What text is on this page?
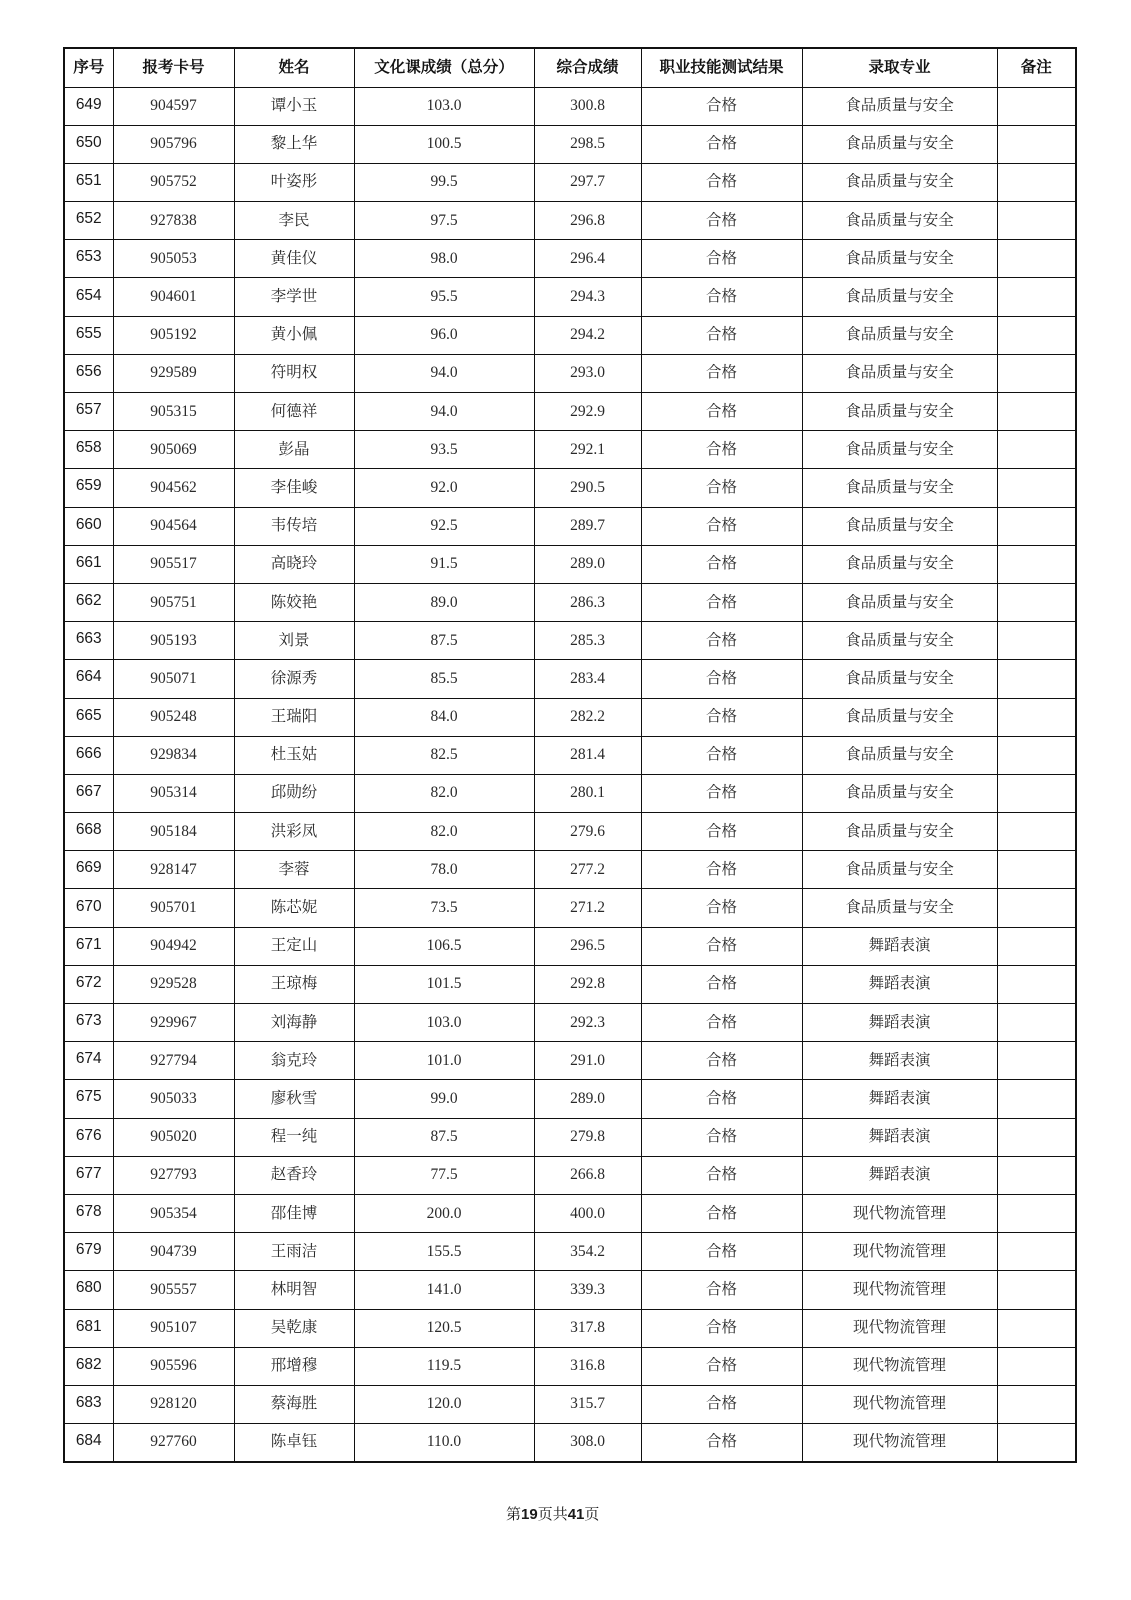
序号	报考卡号	姓名	文化课成绩（总分）	综合成绩	职业技能测试结果	录取专业	备注
649	904597	谭小玉	103.0	300.8	合格	食品质量与安全	
650	905796	黎上华	100.5	298.5	合格	食品质量与安全	
651	905752	叶姿彤	99.5	297.7	合格	食品质量与安全	
652	927838	李民	97.5	296.8	合格	食品质量与安全	
653	905053	黄佳仪	98.0	296.4	合格	食品质量与安全	
654	904601	李学世	95.5	294.3	合格	食品质量与安全	
655	905192	黄小佩	96.0	294.2	合格	食品质量与安全	
656	929589	符明权	94.0	293.0	合格	食品质量与安全	
657	905315	何德祥	94.0	292.9	合格	食品质量与安全	
658	905069	彭晶	93.5	292.1	合格	食品质量与安全	
659	904562	李佳峻	92.0	290.5	合格	食品质量与安全	
660	904564	韦传培	92.5	289.7	合格	食品质量与安全	
661	905517	高晓玲	91.5	289.0	合格	食品质量与安全	
662	905751	陈姣艳	89.0	286.3	合格	食品质量与安全	
663	905193	刘景	87.5	285.3	合格	食品质量与安全	
664	905071	徐源秀	85.5	283.4	合格	食品质量与安全	
665	905248	王瑞阳	84.0	282.2	合格	食品质量与安全	
666	929834	杜玉姑	82.5	281.4	合格	食品质量与安全	
667	905314	邱勋纷	82.0	280.1	合格	食品质量与安全	
668	905184	洪彩凤	82.0	279.6	合格	食品质量与安全	
669	928147	李蓉	78.0	277.2	合格	食品质量与安全	
670	905701	陈芯妮	73.5	271.2	合格	食品质量与安全	
671	904942	王定山	106.5	296.5	合格	舞蹈表演	
672	929528	王琼梅	101.5	292.8	合格	舞蹈表演	
673	929967	刘海静	103.0	292.3	合格	舞蹈表演	
674	927794	翁克玲	101.0	291.0	合格	舞蹈表演	
675	905033	廖秋雪	99.0	289.0	合格	舞蹈表演	
676	905020	程一纯	87.5	279.8	合格	舞蹈表演	
677	927793	赵香玲	77.5	266.8	合格	舞蹈表演	
678	905354	邵佳博	200.0	400.0	合格	现代物流管理	
679	904739	王雨洁	155.5	354.2	合格	现代物流管理	
680	905557	林明智	141.0	339.3	合格	现代物流管理	
681	905107	吴乾康	120.5	317.8	合格	现代物流管理	
682	905596	邢增穆	119.5	316.8	合格	现代物流管理	
683	928120	蔡海胜	120.0	315.7	合格	现代物流管理	
684	927760	陈卓钰	110.0	308.0	合格	现代物流管理	
第19页共41页
